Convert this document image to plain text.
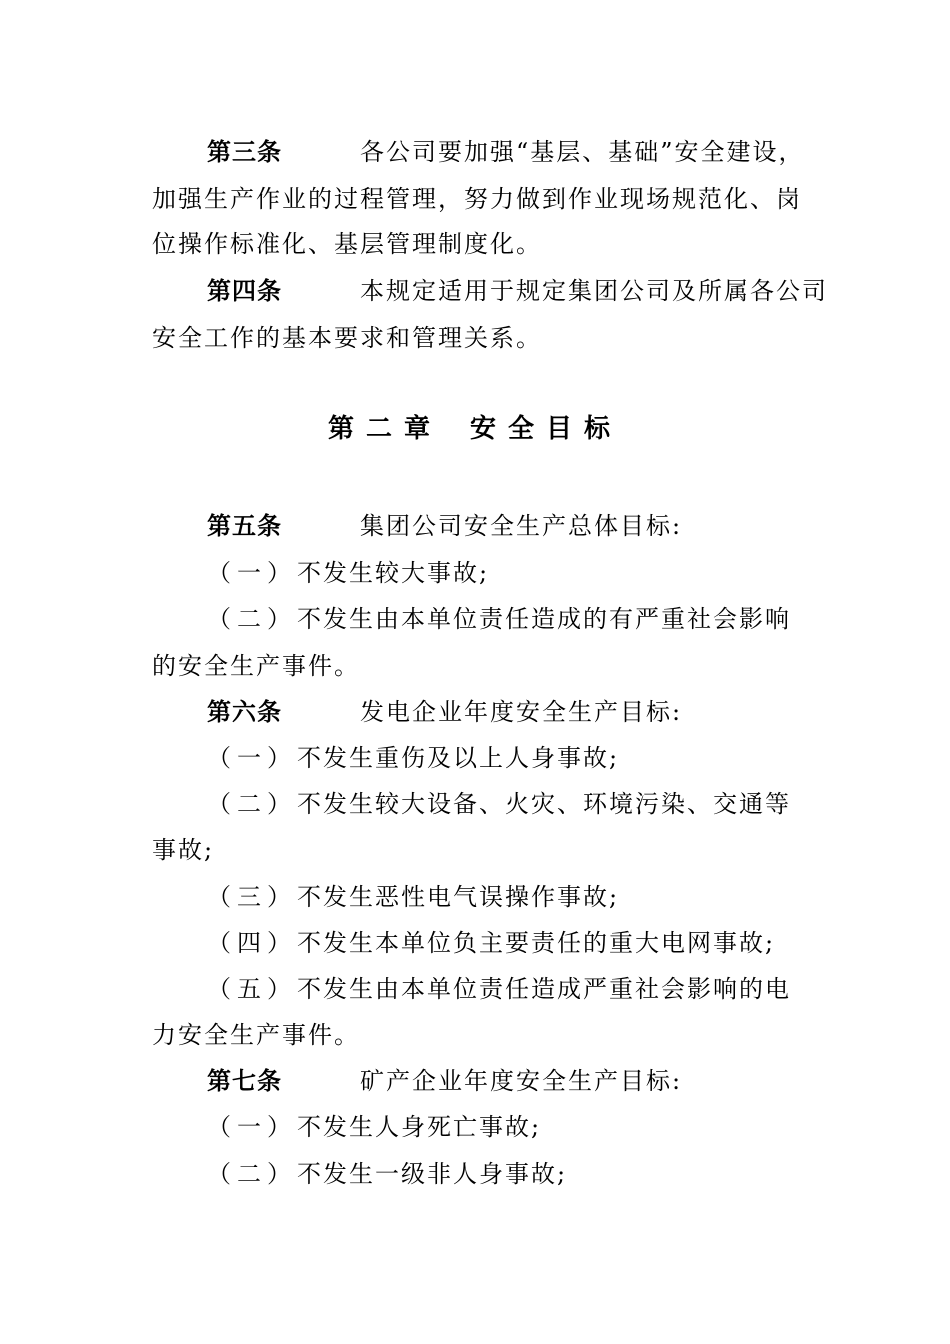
第三条	各公司要加强“基层、基础”安全建设，
加强生产作业的过程管理，努力做到作业现场规范化、岗
位操作标准化、基层管理制度化。
第四条	本规定适用于规定集团公司及所属各公司
安全工作的基本要求和管理关系。
第二章 安全目标
第五条	集团公司安全生产总体目标:
（一）不发生较大事故;
（二）不发生由本单位责任造成的有严重社会影响
的安全生产事件。
第六条	发电企业年度安全生产目标:
（一）不发生重伤及以上人身事故;
（二）不发生较大设备、火灾、环境污染、交通等
事故;
（三）不发生恶性电气误操作事故;
（四）不发生本单位负主要责任的重大电网事故;
（五）不发生由本单位责任造成严重社会影响的电
力安全生产事件。
第七条	矿产企业年度安全生产目标:
（一）不发生人身死亡事故;
（二）不发生一级非人身事故;
